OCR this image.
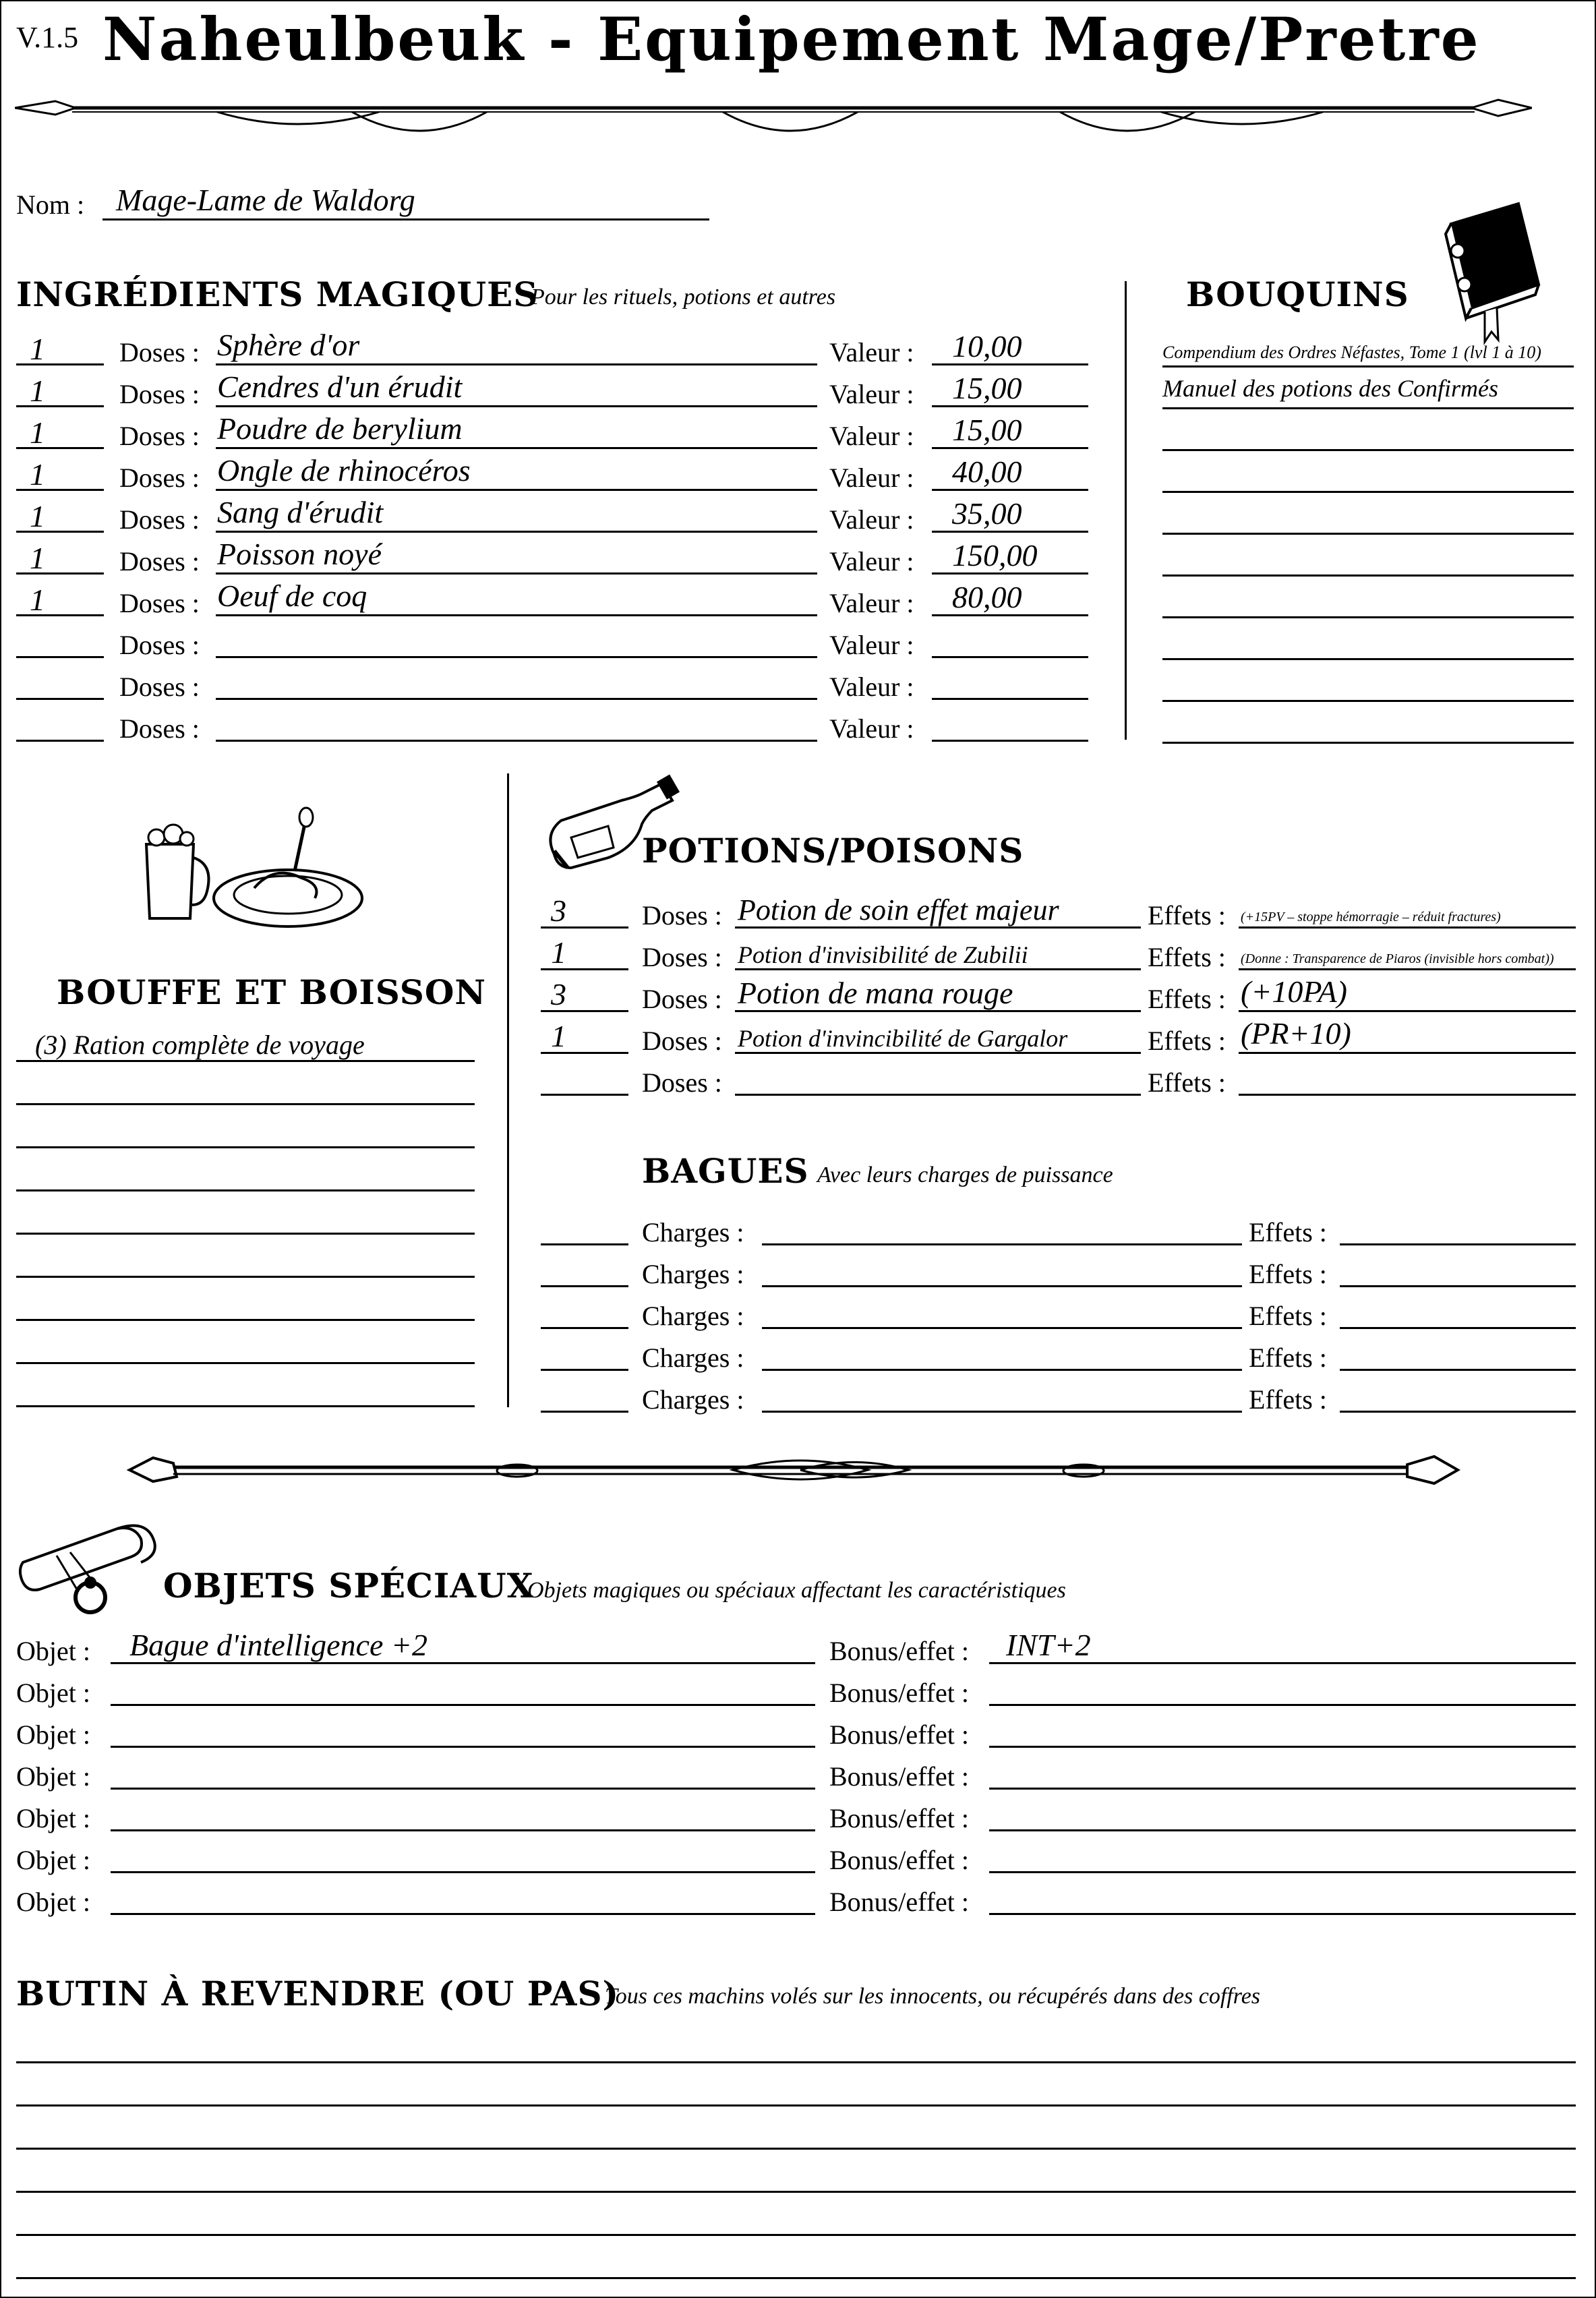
V.1.5 Naheulbeuk - Equipement Mage/Pretre
Nom : Mage-Lame de Waldorg
INGRÉDIENTS MAGIQUES
Pour les rituels, potions et autres
1	Doses : Sphère d'or	Valeur : 10,00
1	Doses : Cendres d'un érudit	Valeur : 15,00
1	Doses : Poudre de berylium	Valeur : 15,00
1	Doses : Ongle de rhinocéros	Valeur : 40,00
1	Doses : Sang d'érudit	Valeur : 35,00
1	Doses : Poisson noyé	Valeur : 150,00
1	Doses : Oeuf de coq	Valeur : 80,00
Doses :	Valeur :
Doses :	Valeur :
Doses :	Valeur :
BOUQUINS
Compendium des Ordres Néfastes, Tome 1 (lvl 1 à 10)
Manuel des potions des Confirmés
BOUFFE ET BOISSON
(3) Ration complète de voyage
POTIONS/POISONS
3	Doses : Potion de soin effet majeur	Effets : (+15PV – stoppe hémorragie – réduit fractures)
1	Doses : Potion d'invisibilité de Zubilii	Effets : (Donne : Transparence de Piaros (invisible hors combat))
3	Doses : Potion de mana rouge	Effets : (+10PA)
1	Doses : Potion d'invincibilité de Gargalor	Effets : (PR+10)
Doses :	Effets :
BAGUES Avec leurs charges de puissance
Charges :	Effets :
Charges :	Effets :
Charges :	Effets :
Charges :	Effets :
Charges :	Effets :
OBJETS SPÉCIAUX
Objets magiques ou spéciaux affectant les caractéristiques
Objet : Bague d'intelligence +2	Bonus/effet : INT+2
Objet :	Bonus/effet :
Objet :	Bonus/effet :
Objet :	Bonus/effet :
Objet :	Bonus/effet :
Objet :	Bonus/effet :
Objet :	Bonus/effet :
BUTIN À REVENDRE (OU PAS)
Tous ces machins volés sur les innocents, ou récupérés dans des coffres
